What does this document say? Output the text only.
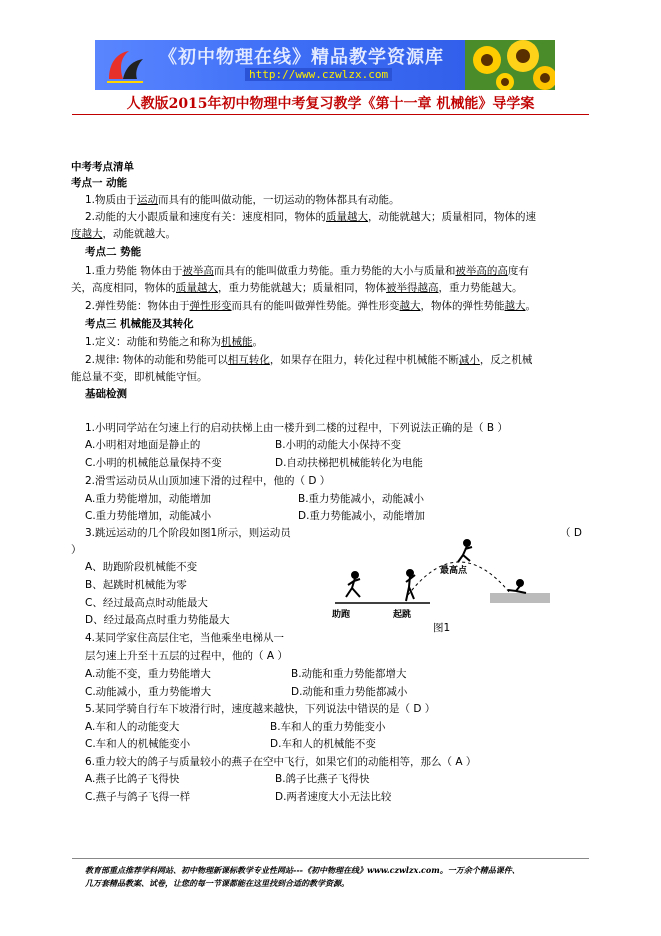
《初中物理在线》精品教学资源库
http://www.czwlzx.com
人教版2015年初中物理中考复习教学《第十一章 机械能》导学案
中考考点清单
考点一 动能
1.物质由于运动而具有的能叫做动能，一切运动的物体都具有动能。
2.动能的大小跟质量和速度有关：速度相同，物体的质量越大，动能就越大；质量相同，物体的速
度越大，动能就越大。
考点二 势能
1.重力势能 物体由于被举高而具有的能叫做重力势能。重力势能的大小与质量和被举高的高度有
关，高度相同，物体的质量越大，重力势能就越大；质量相同，物体被举得越高，重力势能越大。
2.弹性势能：物体由于弹性形变而具有的能叫做弹性势能。弹性形变越大，物体的弹性势能越大。
考点三 机械能及其转化
1.定义：动能和势能之和称为机械能。
2.规律: 物体的动能和势能可以相互转化，如果存在阻力，转化过程中机械能不断减小，反之机械
能总量不变，即机械能守恒。
基础检测
1.小明同学站在匀速上行的启动扶梯上由一楼升到二楼的过程中，下列说法正确的是（ B ）
A.小明相对地面是静止的	B.小明的动能大小保持不变
C.小明的机械能总量保持不变	D.自动扶梯把机械能转化为电能
2.滑雪运动员从山顶加速下滑的过程中，他的（ D ）
A.重力势能增加，动能增加	B.重力势能减小，动能减小
C.重力势能增加，动能减小	D.重力势能减小，动能增加
3.跳远运动的几个阶段如图1所示，则运动员	（ D
）
A、助跑阶段机械能不变
B、起跳时机械能为零
C、经过最高点时动能最大
D、经过最高点时重力势能最大	助跑	起跳
最高点
图1
4.某同学家住高层住宅，当他乘坐电梯从一
层匀速上升至十五层的过程中，他的（ A ）
A.动能不变，重力势能增大	B.动能和重力势能都增大
C.动能减小，重力势能增大	D.动能和重力势能都减小
5.某同学骑自行车下坡滑行时，速度越来越快，下列说法中错误的是（ D ）
A.车和人的动能变大	B.车和人的重力势能变小
C.车和人的机械能变小	D.车和人的机械能不变
6.重力较大的鸽子与质量较小的燕子在空中飞行，如果它们的动能相等，那么（ A ）
A.燕子比鸽子飞得快	B.鸽子比燕子飞得快
C.燕子与鸽子飞得一样	D.两者速度大小无法比较
教育部重点推荐学科网站、初中物理新课标教学专业性网站---《初中物理在线》www.czwlzx.com。一万余个精品课件、
几万套精品教案、试卷，让您的每一节课都能在这里找到合适的教学资源。
